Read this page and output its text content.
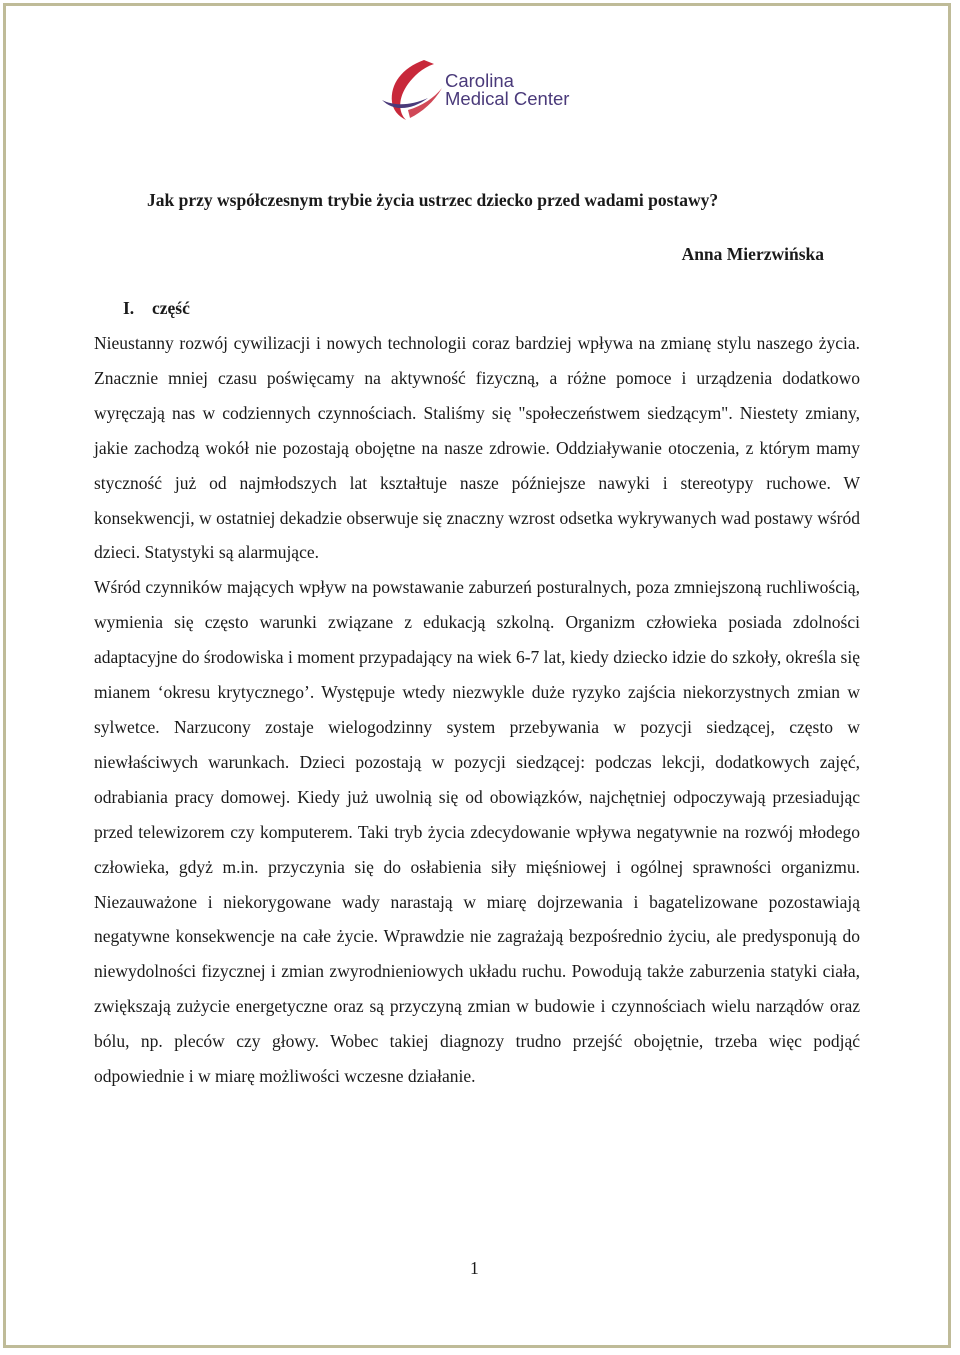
Carolina
Medical Center
Jak przy współczesnym trybie życia ustrzec dziecko przed wadami postawy?
Anna Mierzwińska
I. część

Nieustanny rozwój cywilizacji i nowych technologii coraz bardziej wpływa na zmianę stylu naszego życia. Znacznie mniej czasu poświęcamy na aktywność fizyczną, a różne pomoce i urządzenia dodatkowo wyręczają nas w codziennych czynnościach. Staliśmy się "społeczeństwem siedzącym". Niestety zmiany, jakie zachodzą wokół nie pozostają obojętne na nasze zdrowie. Oddziaływanie otoczenia, z którym mamy styczność już od najmłodszych lat kształtuje nasze późniejsze nawyki i stereotypy ruchowe. W konsekwencji, w ostatniej dekadzie obserwuje się znaczny wzrost odsetka wykrywanych wad postawy wśród dzieci. Statystyki są alarmujące.

Wśród czynników mających wpływ na powstawanie zaburzeń posturalnych, poza zmniejszoną ruchliwością, wymienia się często warunki związane z edukacją szkolną. Organizm człowieka posiada zdolności adaptacyjne do środowiska i moment przypadający na wiek 6-7 lat, kiedy dziecko idzie do szkoły, określa się mianem ‘okresu krytycznego’. Występuje wtedy niezwykle duże ryzyko zajścia niekorzystnych zmian w sylwetce. Narzucony zostaje wielogodzinny system przebywania w pozycji siedzącej, często w niewłaściwych warunkach. Dzieci pozostają w pozycji siedzącej: podczas lekcji, dodatkowych zajęć, odrabiania pracy domowej. Kiedy już uwolnią się od obowiązków, najchętniej odpoczywają przesiadując przed telewizorem czy komputerem. Taki tryb życia zdecydowanie wpływa negatywnie na rozwój młodego człowieka, gdyż m.in. przyczynia się do osłabienia siły mięśniowej i ogólnej sprawności organizmu. Niezauważone i niekorygowane wady narastają w miarę dojrzewania i bagatelizowane pozostawiają negatywne konsekwencje na całe życie. Wprawdzie nie zagrażają bezpośrednio życiu, ale predysponują do niewydolności fizycznej i zmian zwyrodnieniowych układu ruchu. Powodują także zaburzenia statyki ciała, zwiększają zużycie energetyczne oraz są przyczyną zmian w budowie i czynnościach wielu narządów oraz bólu, np. pleców czy głowy. Wobec takiej diagnozy trudno przejść obojętnie, trzeba więc podjąć odpowiednie i w miarę możliwości wczesne działanie.

1
